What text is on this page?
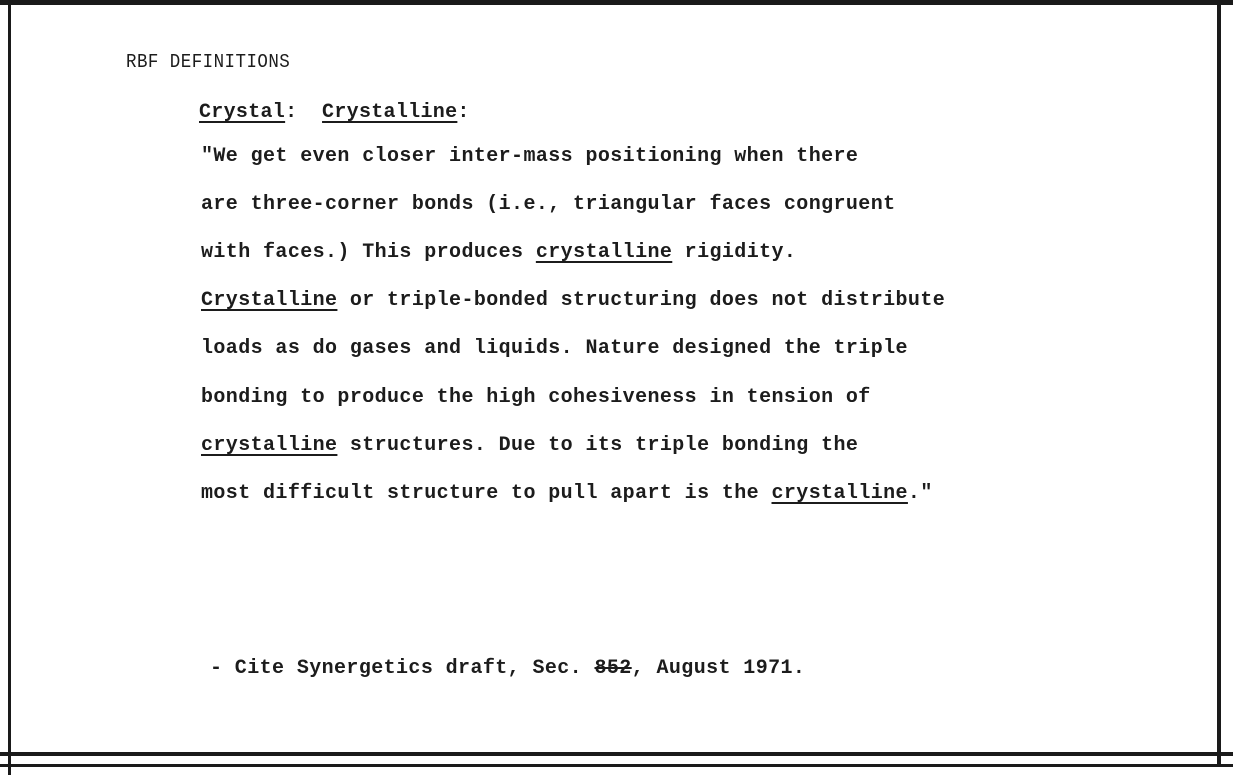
RBF DEFINITIONS
Crystal: Crystalline:
"We get even closer inter-mass positioning when there
are three-corner bonds (i.e., triangular faces congruent
with faces.) This produces crystalline rigidity.
Crystalline or triple-bonded structuring does not distribute
loads as do gases and liquids. Nature designed the triple
bonding to produce the high cohesiveness in tension of
crystalline structures. Due to its triple bonding the
most difficult structure to pull apart is the crystalline."
- Cite Synergetics draft, Sec. 852, August 1971.
